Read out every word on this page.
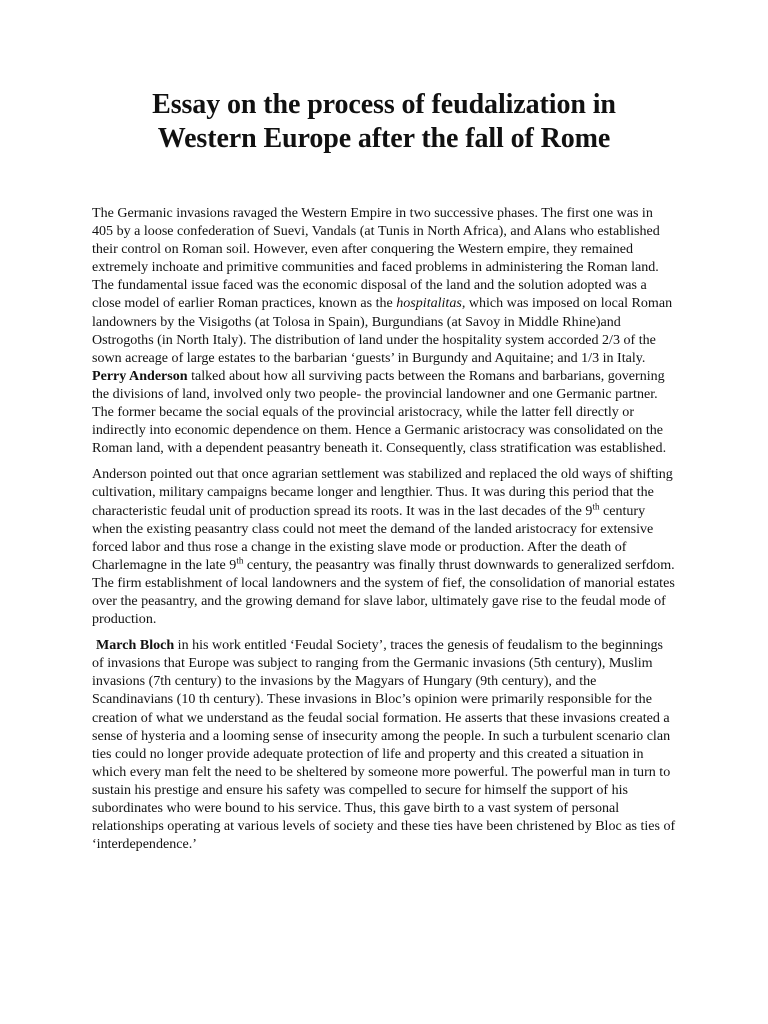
Essay on the process of feudalization in
Western Europe after the fall of Rome

The Germanic invasions ravaged the Western Empire in two successive phases. The first one was in 405 by a loose confederation of Suevi, Vandals (at Tunis in North Africa), and Alans who established their control on Roman soil. However, even after conquering the Western empire, they remained extremely inchoate and primitive communities and faced problems in administering the Roman land. The fundamental issue faced was the economic disposal of the land and the solution adopted was a close model of earlier Roman practices, known as the hospitalitas, which was imposed on local Roman landowners by the Visigoths (at Tolosa in Spain), Burgundians (at Savoy in Middle Rhine)and Ostrogoths (in North Italy). The distribution of land under the hospitality system accorded 2/3 of the sown acreage of large estates to the barbarian ‘guests’ in Burgundy and Aquitaine; and 1/3 in Italy. Perry Anderson talked about how all surviving pacts between the Romans and barbarians, governing the divisions of land, involved only two people- the provincial landowner and one Germanic partner. The former became the social equals of the provincial aristocracy, while the latter fell directly or indirectly into economic dependence on them. Hence a Germanic aristocracy was consolidated on the Roman land, with a dependent peasantry beneath it. Consequently, class stratification was established.

Anderson pointed out that once agrarian settlement was stabilized and replaced the old ways of shifting cultivation, military campaigns became longer and lengthier. Thus. It was during this period that the characteristic feudal unit of production spread its roots. It was in the last decades of the 9th century when the existing peasantry class could not meet the demand of the landed aristocracy for extensive forced labor and thus rose a change in the existing slave mode or production. After the death of Charlemagne in the late 9th century, the peasantry was finally thrust downwards to generalized serfdom. The firm establishment of local landowners and the system of fief, the consolidation of manorial estates over the peasantry, and the growing demand for slave labor, ultimately gave rise to the feudal mode of production.

March Bloch in his work entitled ‘Feudal Society’, traces the genesis of feudalism to the beginnings of invasions that Europe was subject to ranging from the Germanic invasions (5th century), Muslim invasions (7th century) to the invasions by the Magyars of Hungary (9th century), and the Scandinavians (10 th century). These invasions in Bloc’s opinion were primarily responsible for the creation of what we understand as the feudal social formation. He asserts that these invasions created a sense of hysteria and a looming sense of insecurity among the people. In such a turbulent scenario clan ties could no longer provide adequate protection of life and property and this created a situation in which every man felt the need to be sheltered by someone more powerful. The powerful man in turn to sustain his prestige and ensure his safety was compelled to secure for himself the support of his subordinates who were bound to his service. Thus, this gave birth to a vast system of personal relationships operating at various levels of society and these ties have been christened by Bloc as ties of ‘interdependence.’
